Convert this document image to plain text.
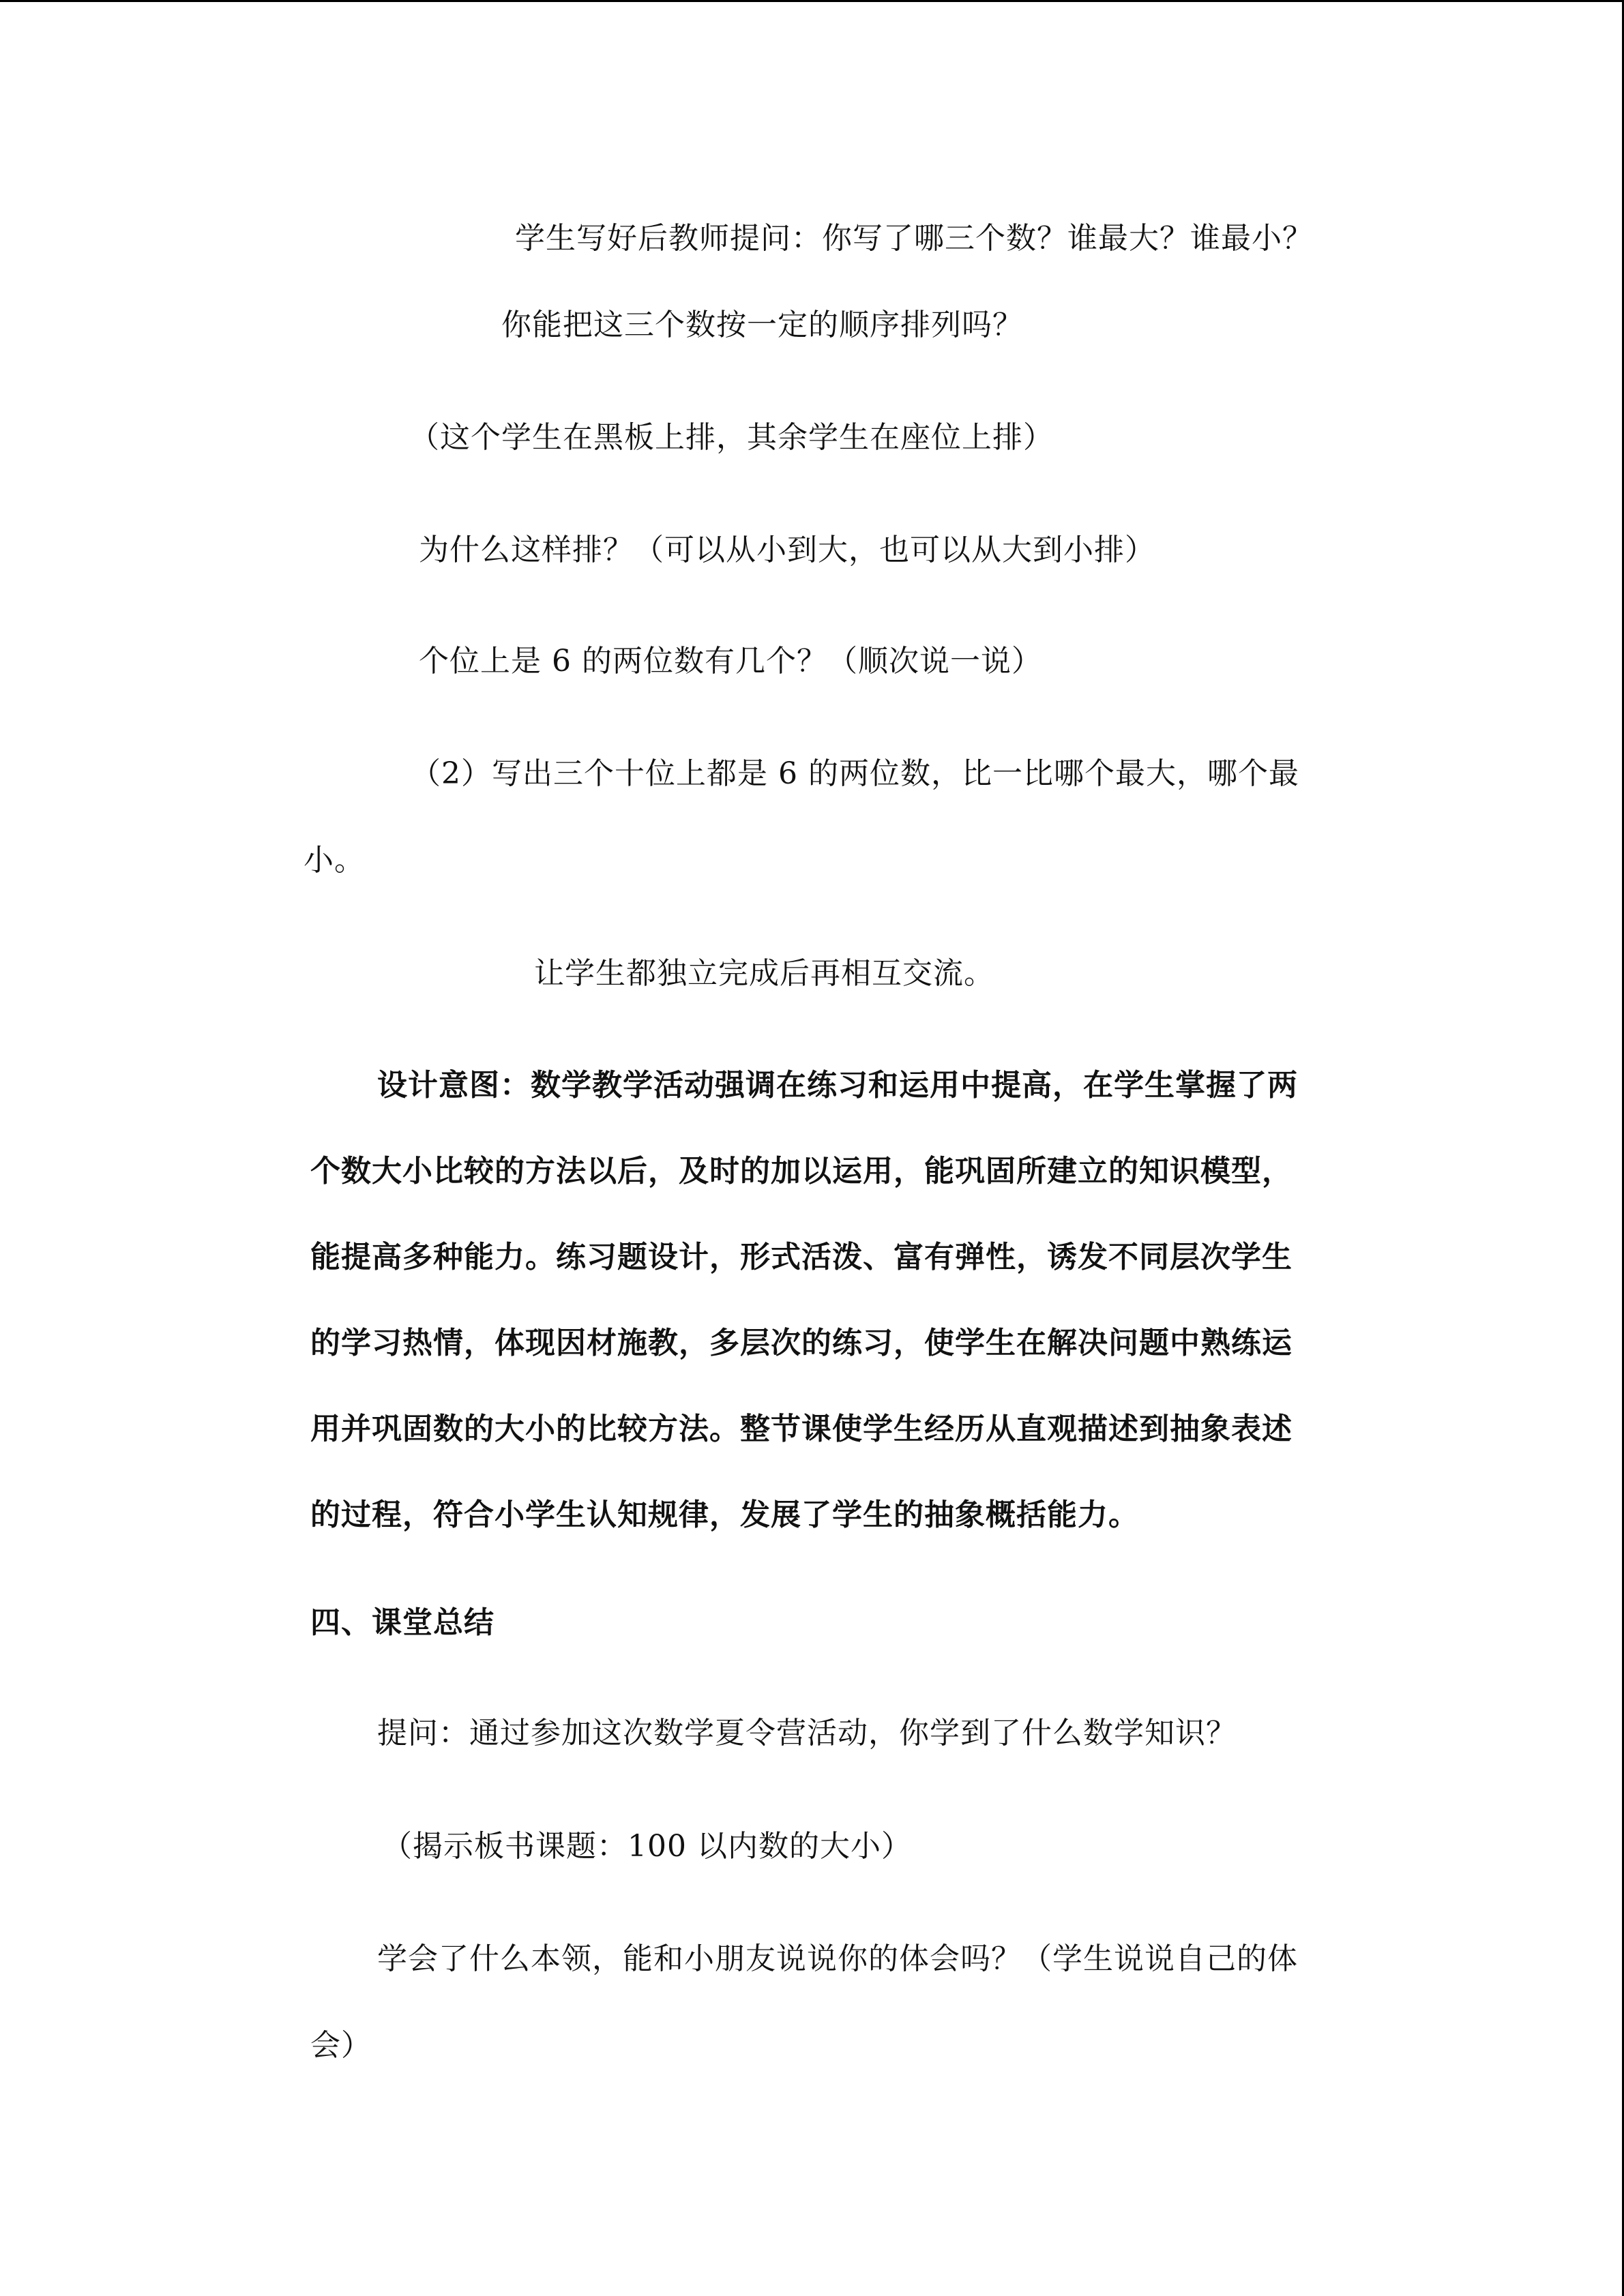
学生写好后教师提问：你写了哪三个数？谁最大？谁最小？
你能把这三个数按一定的顺序排列吗？
（这个学生在黑板上排，其余学生在座位上排）
为什么这样排？（可以从小到大，也可以从大到小排）
个位上是 6 的两位数有几个？（顺次说一说）
（2）写出三个十位上都是 6 的两位数，比一比哪个最大，哪个最
小。
让学生都独立完成后再相互交流。
设计意图：数学教学活动强调在练习和运用中提高，在学生掌握了两
个数大小比较的方法以后，及时的加以运用，能巩固所建立的知识模型，
能提高多种能力。练习题设计，形式活泼、富有弹性，诱发不同层次学生
的学习热情，体现因材施教，多层次的练习，使学生在解决问题中熟练运
用并巩固数的大小的比较方法。整节课使学生经历从直观描述到抽象表述
的过程，符合小学生认知规律，发展了学生的抽象概括能力。
四、课堂总结
提问：通过参加这次数学夏令营活动，你学到了什么数学知识？
（揭示板书课题：100 以内数的大小）
学会了什么本领，能和小朋友说说你的体会吗？（学生说说自己的体
会）
